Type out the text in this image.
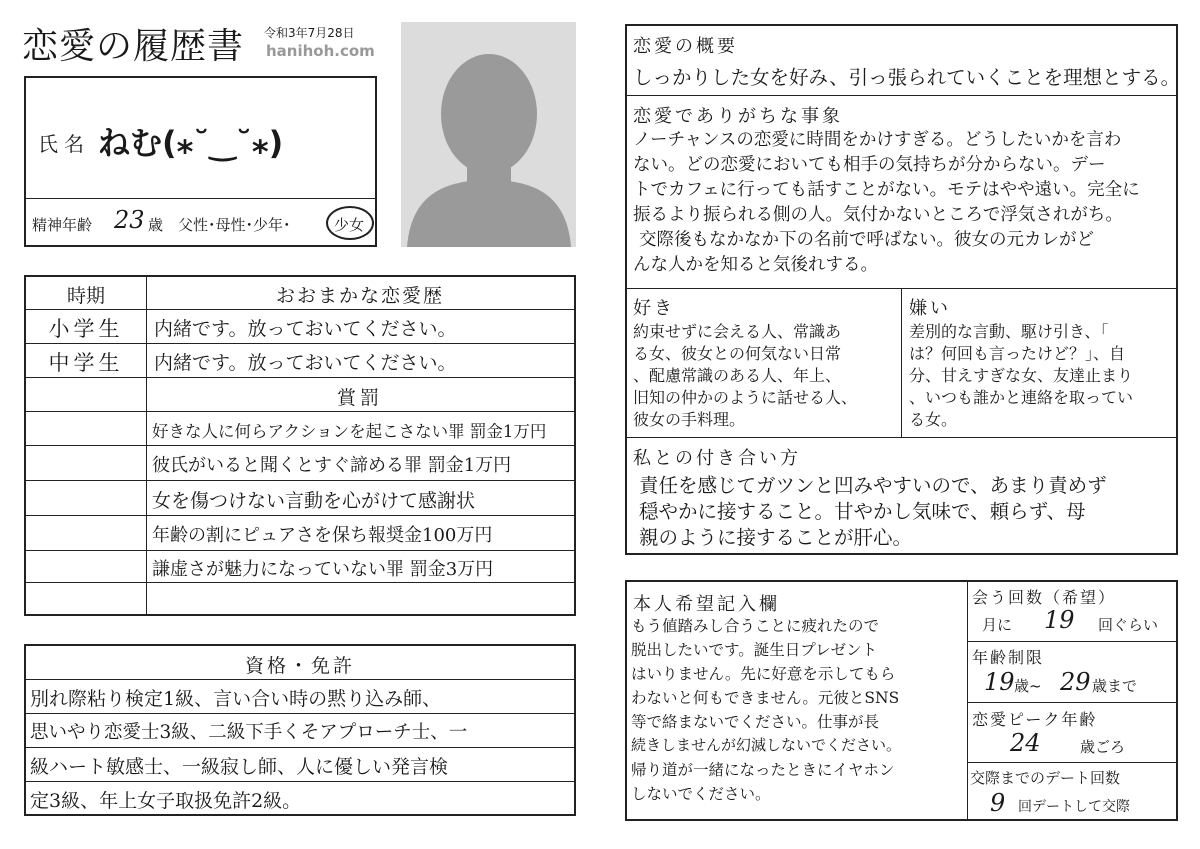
恋愛の履歴書 令和3年7月28日
hanihoh.com
氏名 ねむ(⁎˘‿˘⁎)
精神年齢 23 歳 父性･母性･少年･	少女
時期	おおまかな恋愛歴
小学生	内緒です。放っておいてください。
中学生	内緒です。放っておいてください。
賞罰
好きな人に何らアクションを起こさない罪 罰金1万円
彼氏がいると聞くとすぐ諦める罪 罰金1万円
女を傷つけない言動を心がけて感謝状
年齢の割にピュアさを保ち報奨金100万円
謙虚さが魅力になっていない罪 罰金3万円
資格・免許
別れ際粘り検定1級、言い合い時の黙り込み師、
思いやり恋愛士3級、二級下手くそアプローチ士、一
級ハート敏感士、一級寂し師、人に優しい発言検
定3級、年上女子取扱免許2級。
恋愛の概要
しっかりした女を好み、引っ張られていくことを理想とする。
恋愛でありがちな事象
ノーチャンスの恋愛に時間をかけすぎる。どうしたいかを言わ
ない。どの恋愛においても相手の気持ちが分からない。デー
トでカフェに行っても話すことがない。モテはやや遠い。完全に
振るより振られる側の人。気付かないところで浮気されがち。
交際後もなかなか下の名前で呼ばない。彼女の元カレがど
んな人かを知ると気後れする。
好き
約束せずに会える人、常識あ
る女、彼女との何気ない日常
、配慮常識のある人、年上、
旧知の仲かのように話せる人、
彼女の手料理。
嫌い
差別的な言動、駆け引き、「
は？何回も言ったけど？」、自
分、甘えすぎな女、友達止まり
、いつも誰かと連絡を取ってい
る女。
私との付き合い方
責任を感じてガツンと凹みやすいので、あまり責めず
穏やかに接すること。甘やかし気味で、頼らず、母
親のように接することが肝心。
本人希望記入欄
もう値踏みし合うことに疲れたので
脱出したいです。誕生日プレゼント
はいりません。先に好意を示してもら
わないと何もできません。元彼とSNS
等で絡まないでください。仕事が長
続きしませんが幻滅しないでください。
帰り道が一緒になったときにイヤホン
しないでください。
会う回数（希望）
月に 19 回ぐらい
年齢制限
19 歳~ 29 歳まで
恋愛ピーク年齢
24	歳ごろ
交際までのデート回数
9 回デートして交際
